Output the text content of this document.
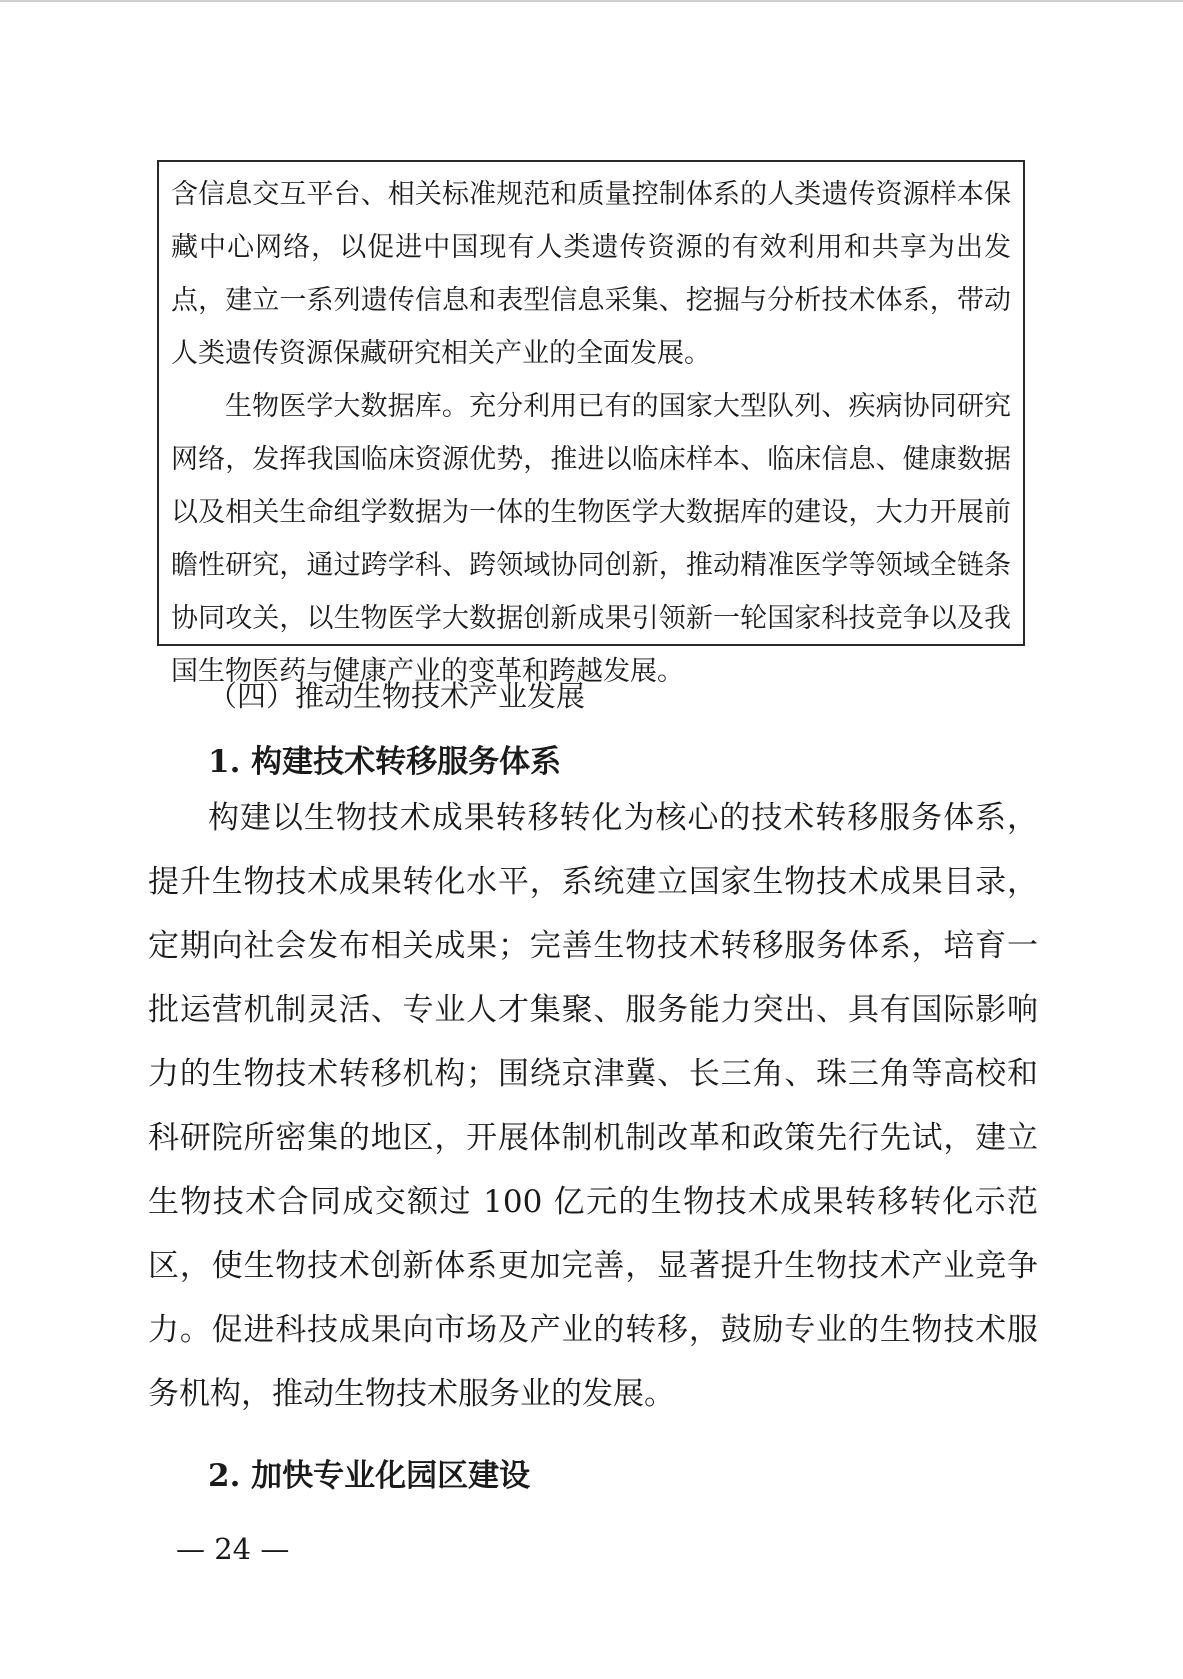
含信息交互平台、相关标准规范和质量控制体系的人类遗传资源样本保
藏中心网络，以促进中国现有人类遗传资源的有效利用和共享为出发
点，建立一系列遗传信息和表型信息采集、挖掘与分析技术体系，带动
人类遗传资源保藏研究相关产业的全面发展。
生物医学大数据库。充分利用已有的国家大型队列、疾病协同研究
网络，发挥我国临床资源优势，推进以临床样本、临床信息、健康数据
以及相关生命组学数据为一体的生物医学大数据库的建设，大力开展前
瞻性研究，通过跨学科、跨领域协同创新，推动精准医学等领域全链条
协同攻关，以生物医学大数据创新成果引领新一轮国家科技竞争以及我
国生物医药与健康产业的变革和跨越发展。
（四）推动生物技术产业发展
1. 构建技术转移服务体系
构建以生物技术成果转移转化为核心的技术转移服务体系，
提升生物技术成果转化水平，系统建立国家生物技术成果目录，
定期向社会发布相关成果；完善生物技术转移服务体系，培育一
批运营机制灵活、专业人才集聚、服务能力突出、具有国际影响
力的生物技术转移机构；围绕京津冀、长三角、珠三角等高校和
科研院所密集的地区，开展体制机制改革和政策先行先试，建立
生物技术合同成交额过 100 亿元的生物技术成果转移转化示范
区，使生物技术创新体系更加完善，显著提升生物技术产业竞争
力。促进科技成果向市场及产业的转移，鼓励专业的生物技术服
务机构，推动生物技术服务业的发展。
2. 加快专业化园区建设
— 24 —
